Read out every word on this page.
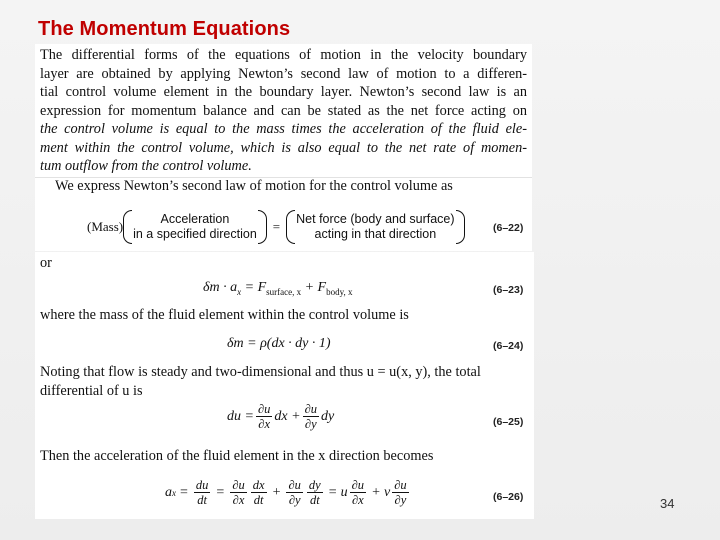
The Momentum Equations
The differential forms of the equations of motion in the velocity boundary
layer are obtained by applying Newton’s second law of motion to a differen-
tial control volume element in the boundary layer. Newton’s second law is an
expression for momentum balance and can be stated as the net force acting on
the control volume is equal to the mass times the acceleration of the fluid ele-
ment within the control volume, which is also equal to the net rate of momen-
tum outflow from the control volume.
We express Newton’s second law of motion for the control volume as
(Mass)	Acceleration
in a specified direction = Net force (body and surface)
acting in that direction	(6–22)
or
$\delta m \cdot a_x = F_{surface, x} + F_{body, x}$	(6–23)
where the mass of the fluid element within the control volume is
δm = ρ(dx · dy · 1)	(6–24)
Noting that flow is steady and two-dimensional and thus u = u(x, y), the total
differential of u is
du = $\frac{\partial u}{\partial x}$ dx + $\frac{\partial u}{\partial y}$ dy	(6–25)
Then the acceleration of the fluid element in the x direction becomes
a $x = \frac{du}{dt} = \frac{\partial u}{\partial x} \frac{dx}{dt} + \frac{\partial u}{\partial y} \frac{dy}{dt} = u \frac{\partial u}{\partial x} + v \frac{\partial u}{\partial y}$	(6–26)	34
